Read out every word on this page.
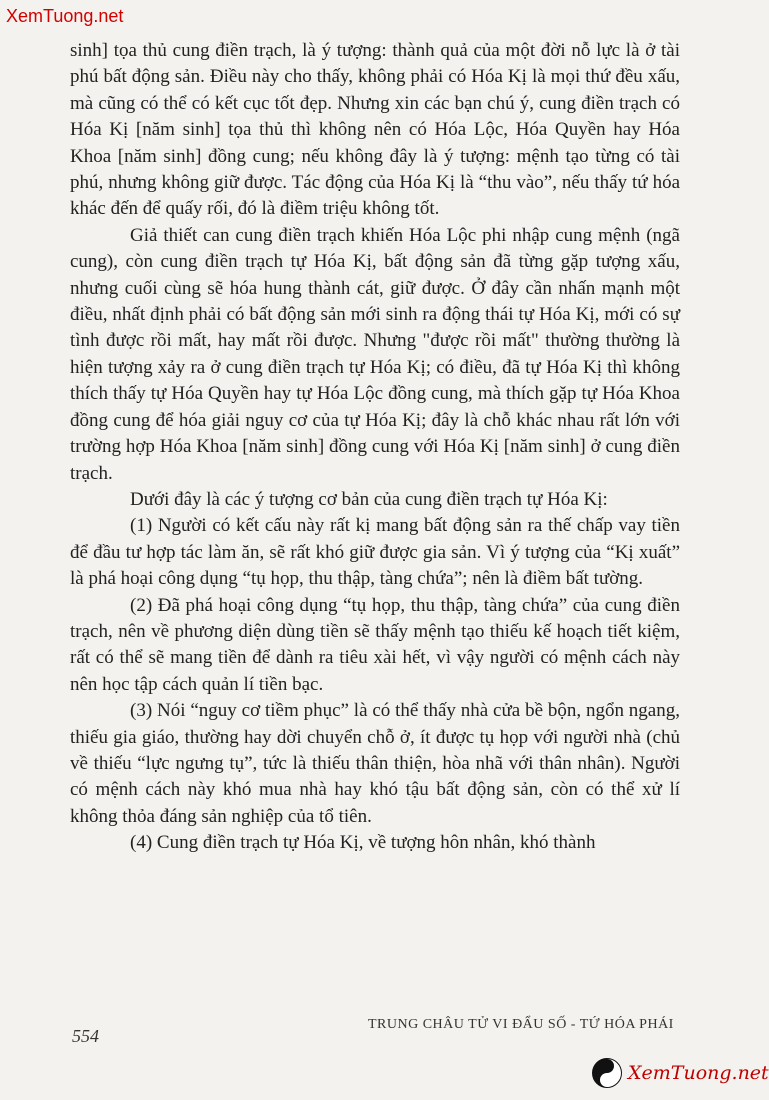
XemTuong.net

sinh] tọa thủ cung điền trạch, là ý tượng: thành quả của một đời nỗ lực là ở tài phú bất động sản. Điều này cho thấy, không phải có Hóa Kị là mọi thứ đều xấu, mà cũng có thể có kết cục tốt đẹp. Nhưng xin các bạn chú ý, cung điền trạch có Hóa Kị [năm sinh] tọa thủ thì không nên có Hóa Lộc, Hóa Quyền hay Hóa Khoa [năm sinh] đồng cung; nếu không đây là ý tượng: mệnh tạo từng có tài phú, nhưng không giữ được. Tác động của Hóa Kị là “thu vào”, nếu thấy tứ hóa khác đến để quấy rối, đó là điềm triệu không tốt.

Giả thiết can cung điền trạch khiến Hóa Lộc phi nhập cung mệnh (ngã cung), còn cung điền trạch tự Hóa Kị, bất động sản đã từng gặp tượng xấu, nhưng cuối cùng sẽ hóa hung thành cát, giữ được. Ở đây cần nhấn mạnh một điều, nhất định phải có bất động sản mới sinh ra động thái tự Hóa Kị, mới có sự tình được rồi mất, hay mất rồi được. Nhưng "được rồi mất" thường thường là hiện tượng xảy ra ở cung điền trạch tự Hóa Kị; có điều, đã tự Hóa Kị thì không thích thấy tự Hóa Quyền hay tự Hóa Lộc đồng cung, mà thích gặp tự Hóa Khoa đồng cung để hóa giải nguy cơ của tự Hóa Kị; đây là chỗ khác nhau rất lớn với trường hợp Hóa Khoa [năm sinh] đồng cung với Hóa Kị [năm sinh] ở cung điền trạch.

Dưới đây là các ý tượng cơ bản của cung điền trạch tự Hóa Kị:

(1) Người có kết cấu này rất kị mang bất động sản ra thế chấp vay tiền để đầu tư hợp tác làm ăn, sẽ rất khó giữ được gia sản. Vì ý tượng của “Kị xuất” là phá hoại công dụng “tụ họp, thu thập, tàng chứa”; nên là điềm bất tường.

(2) Đã phá hoại công dụng “tụ họp, thu thập, tàng chứa” của cung điền trạch, nên về phương diện dùng tiền sẽ thấy mệnh tạo thiếu kế hoạch tiết kiệm, rất có thể sẽ mang tiền để dành ra tiêu xài hết, vì vậy người có mệnh cách này nên học tập cách quản lí tiền bạc.

(3) Nói “nguy cơ tiềm phục” là có thể thấy nhà cửa bề bộn, ngổn ngang, thiếu gia giáo, thường hay dời chuyển chỗ ở, ít được tụ họp với người nhà (chủ về thiếu “lực ngưng tụ”, tức là thiếu thân thiện, hòa nhã với thân nhân). Người có mệnh cách này khó mua nhà hay khó tậu bất động sản, còn có thể xử lí không thỏa đáng sản nghiệp của tổ tiên.

(4) Cung điền trạch tự Hóa Kị, về tượng hôn nhân, khó thành

554
TRUNG CHÂU TỬ VI ĐẨU SỐ - TỨ HÓA PHÁI
XemTuong.net
